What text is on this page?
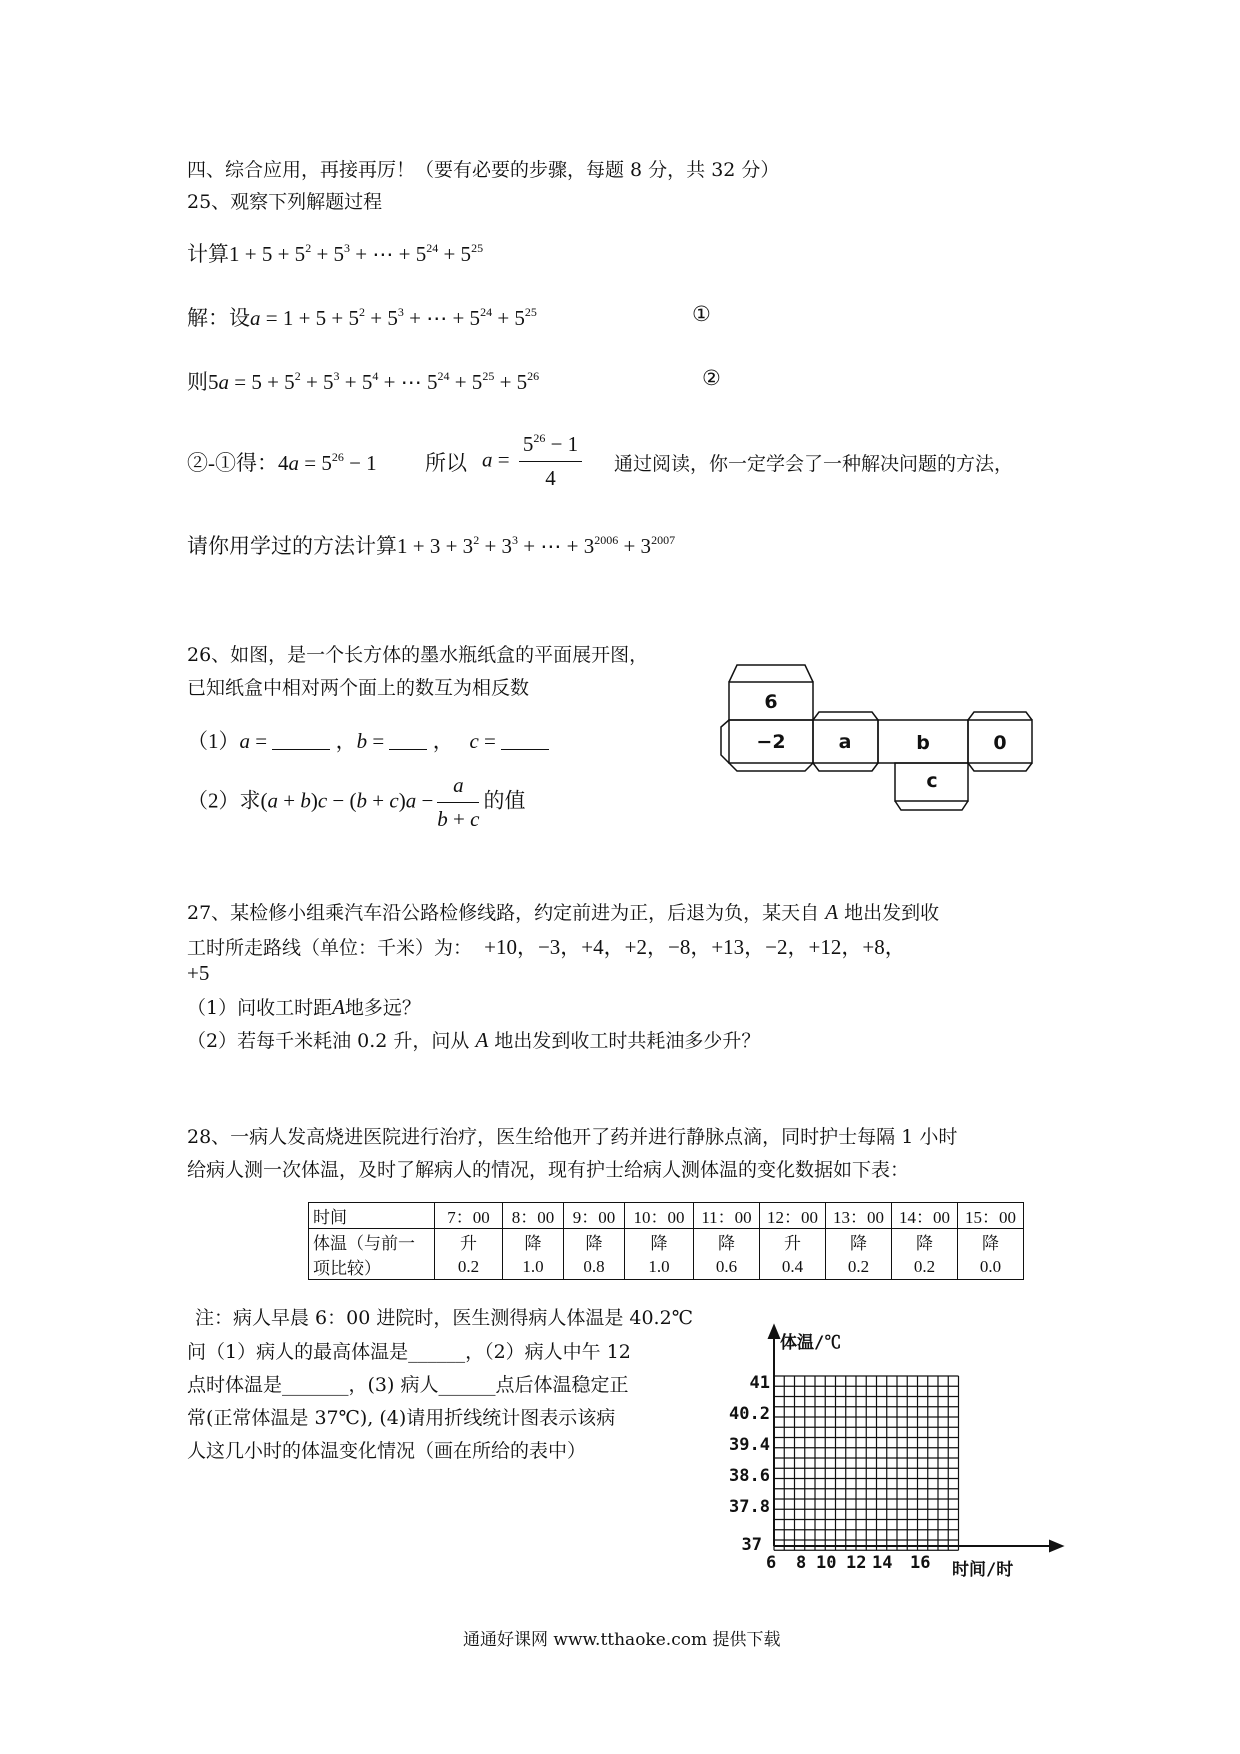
四、综合应用，再接再厉！（要有必要的步骤，每题 8 分，共 32 分）
25、观察下列解题过程
计算$1 + 5 + 5^2 + 5^3$ + ⋯ + $5^{24} + 5^{25}$
解：设$a = 1 + 5 + 5^2 + 5^3$ + ⋯ + $5^{24} + 5^{25}$	①
则$5a = 5 + 5^2 + 5^3 + 5^4$ + ⋯ $5^{24} + 5^{25} + 5^{26}$	②
②-①得：$4a = 5^{26} - 1$ 所以 $a = \frac{5^{26} - 1}{4}$ 通过阅读，你一定学会了一种解决问题的方法，
请你用学过的方法计算$1 + 3 + 3^2 + 3^3$ + ⋯ + $3^{2006} + 3^{2007}$
26、如图，是一个长方体的墨水瓶纸盒的平面展开图，
已知纸盒中相对两个面上的数互为相反数
（1）a =	，b =  ，   c =
（2）求$(a + b)c - (b + c)a - \frac{a}{b + c}$ 的值
6
−2	a	b	0
c
27、某检修小组乘汽车沿公路检修线路，约定前进为正，后退为负，某天自 A 地出发到收
工时所走路线（单位：千米）为： +10，−3，+4，+2，−8，+13，−2，+12，+8，
+5
（1）问收工时距A地多远？
（2）若每千米耗油 0.2 升，问从 A 地出发到收工时共耗油多少升？
28、一病人发高烧进医院进行治疗，医生给他开了药并进行静脉点滴，同时护士每隔 1 小时
给病人测一次体温，及时了解病人的情况，现有护士给病人测体温的变化数据如下表：
时间	7：00	8：00	9：00	10：00	11：00	12：00	13：00	14：00	15：00
体温（与前一	升	降	降	降	降	升	降	降	降
项比较）	0.2	1.0	0.8	1.0	0.6	0.4	0.2	0.2	0.0
注：病人早晨 6：00 进院时，医生测得病人体温是 40.2℃
问（1）病人的最高体温是______，（2）病人中午 12
点时体温是_______，(3) 病人______点后体温稳定正
常(正常体温是 37℃), (4)请用折线统计图表示该病
人这几小时的体温变化情况（画在所给的表中）
体温/℃
时间/时
41
40.2
39.4
38.6
37.8
37
6 8 10 12 14 16
通通好课网 www.tthaoke.com 提供下载
